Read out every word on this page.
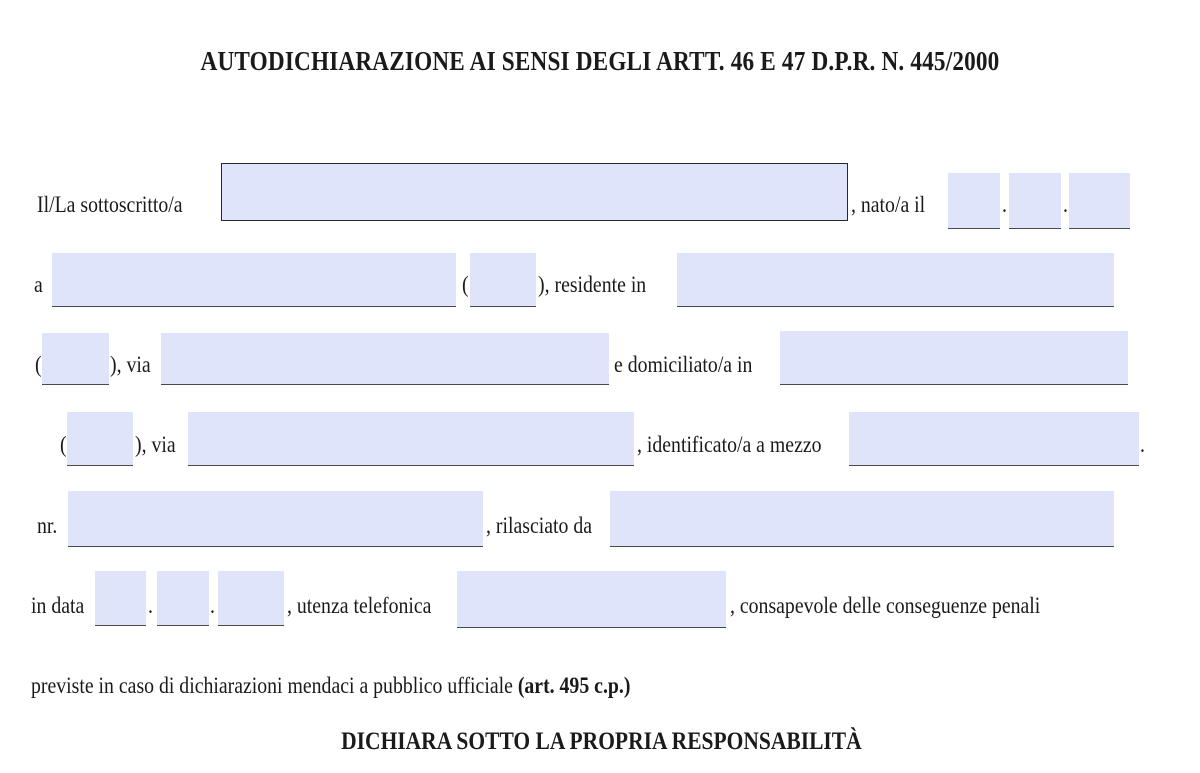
AUTODICHIARAZIONE AI SENSI DEGLI ARTT. 46 E 47 D.P.R. N. 445/2000
Il/La sottoscritto/a	, nato/a il	. .
a	(	), residente in
(	), via	e domiciliato/a in
(	), via	, identificato/a a mezzo	.
nr.	, rilasciato da
in data	. .	, utenza telefonica	, consapevole delle conseguenze penali
previste in caso di dichiarazioni mendaci a pubblico ufficiale (art. 495 c.p.)
DICHIARA SOTTO LA PROPRIA RESPONSABILITÀ
